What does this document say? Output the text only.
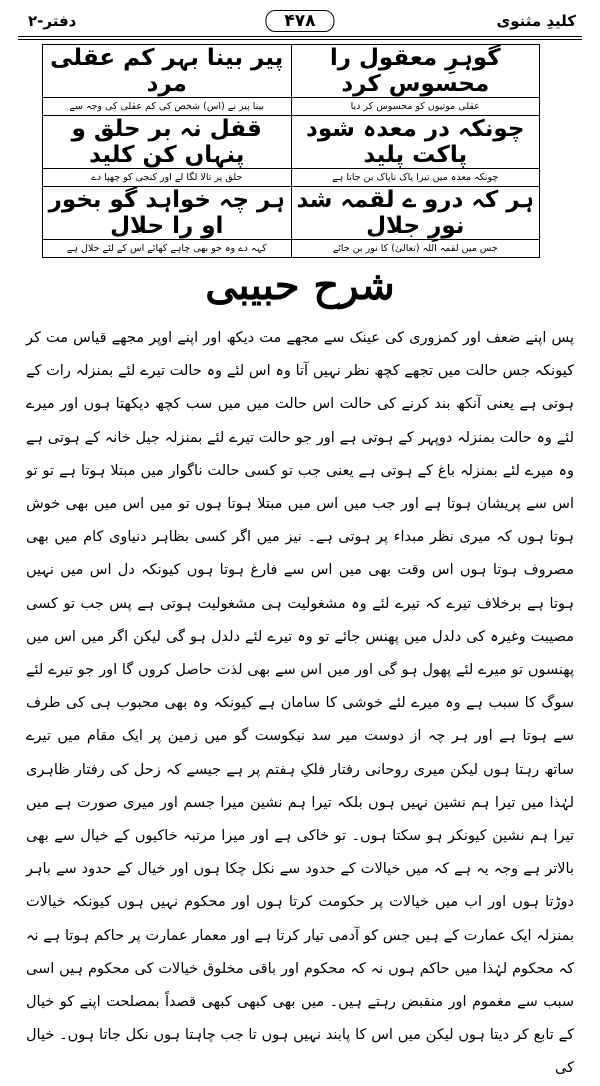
کلیدِ مثنوی
۴۷۸
دفتر-۲
گوہرِ معقول را محسوس کرد	پیر بینا بہر کم عقلی مرد
عقلی موتیوں کو محسوس کر دیا	بینا پیر نے (اس) شخص کی کم عقلی کی وجہ سے
چونکہ در معدہ شود پاکت پلید	قفل نہ بر حلق و پنہاں کن کلید
چونکہ معدہ میں تیرا پاک ناپاک بن جاتا ہے	حلق پر تالا لگا لے اور کنجی کو چھپا دے
ہر کہ درو ے لقمہ شد نورِ جلال	ہر چہ خواہد گو بخور او را حلال
جس میں لقمہ اللہ (تعالیٰ) کا نور بن جائے	کہہ دے وہ جو بھی چاہے کھائے اس کے لئے حلال ہے
شرح حبیبی

پس اپنے ضعف اور کمزوری کی عینک سے مجھے مت دیکھ اور اپنے اوپر مجھے قیاس مت کر کیونکہ جس حالت میں تجھے کچھ نظر نہیں آتا وہ اس لئے وہ حالت تیرے لئے بمنزلہ رات کے ہوتی ہے یعنی آنکھ بند کرنے کی حالت اس حالت میں میں سب کچھ دیکھتا ہوں اور میرے لئے وہ حالت بمنزلہ دوپہر کے ہوتی ہے اور جو حالت تیرے لئے بمنزلہ جیل خانہ کے ہوتی ہے وہ میرے لئے بمنزلہ باغ کے ہوتی ہے یعنی جب تو کسی حالت ناگوار میں مبتلا ہوتا ہے تو تو اس سے پریشان ہوتا ہے اور جب میں اس میں مبتلا ہوتا ہوں تو میں اس میں بھی خوش ہوتا ہوں کہ میری نظر مبداء پر ہوتی ہے۔ نیز میں اگر کسی بظاہر دنیاوی کام میں بھی مصروف ہوتا ہوں اس وقت بھی میں اس سے فارغ ہوتا ہوں کیونکہ دل اس میں نہیں ہوتا ہے برخلاف تیرے کہ تیرے لئے وہ مشغولیت ہی مشغولیت ہوتی ہے پس جب تو کسی مصیبت وغیرہ کی دلدل میں پھنس جائے تو وہ تیرے لئے دلدل ہو گی لیکن اگر میں اس میں پھنسوں تو میرے لئے پھول ہو گی اور میں اس سے بھی لذت حاصل کروں گا اور جو تیرے لئے سوگ کا سبب ہے وہ میرے لئے خوشی کا سامان ہے کیونکہ وہ بھی محبوب ہی کی طرف سے ہوتا ہے اور ہر چہ از دوست میر سد نیکوست گو میں زمین پر ایک مقام میں تیرے ساتھ رہتا ہوں لیکن میری روحانی رفتار فلکِ ہفتم پر ہے جیسے کہ زحل کی رفتار ظاہری لہٰذا میں تیرا ہم نشین نہیں ہوں بلکہ تیرا ہم نشین میرا جسم اور میری صورت ہے میں تیرا ہم نشین کیونکر ہو سکتا ہوں۔ تو خاکی ہے اور میرا مرتبہ خاکیوں کے خیال سے بھی بالاتر ہے وجہ یہ ہے کہ میں خیالات کے حدود سے نکل چکا ہوں اور خیال کے حدود سے باہر دوڑتا ہوں اور اب میں خیالات پر حکومت کرتا ہوں اور محکوم نہیں ہوں کیونکہ خیالات بمنزلہ ایک عمارت کے ہیں جس کو آدمی تیار کرتا ہے اور معمار عمارت پر حاکم ہوتا ہے نہ کہ محکوم لہٰذا میں حاکم ہوں نہ کہ محکوم اور باقی مخلوق خیالات کی محکوم ہیں اسی سبب سے مغموم اور منقبض رہتے ہیں۔ میں بھی کبھی کبھی قصداً بمصلحت اپنے کو خیال کے تابع کر دیتا ہوں لیکن میں اس کا پابند نہیں ہوں تا جب چاہتا ہوں نکل جاتا ہوں۔ خیال کی
